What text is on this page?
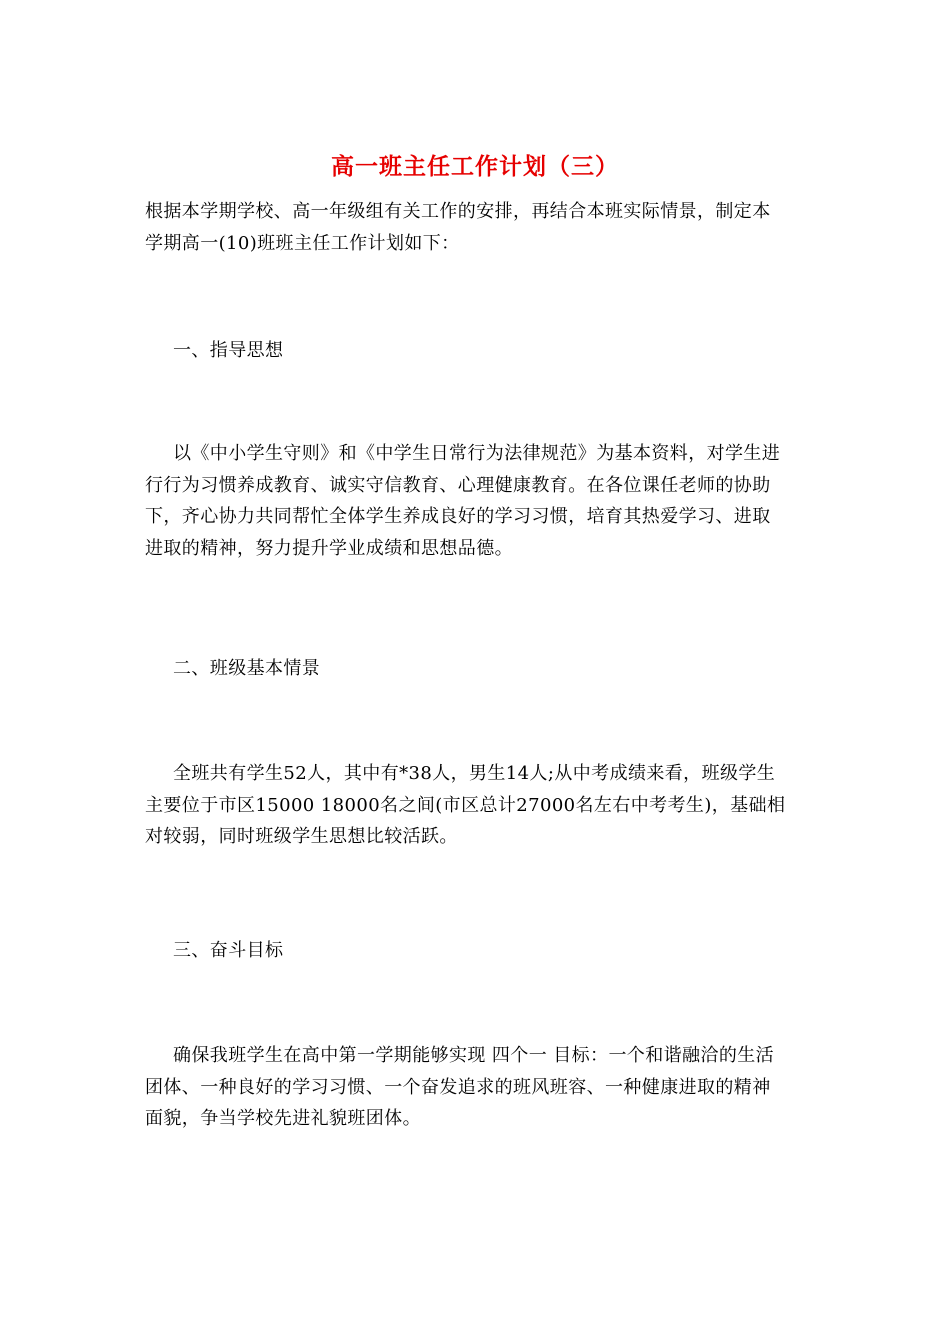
高一班主任工作计划（三）
根据本学期学校、高一年级组有关工作的安排，再结合本班实际情景，制定本
学期高一(10)班班主任工作计划如下：
一、指导思想
以《中小学生守则》和《中学生日常行为法律规范》为基本资料，对学生进
行行为习惯养成教育、诚实守信教育、心理健康教育。在各位课任老师的协助
下，齐心协力共同帮忙全体学生养成良好的学习习惯，培育其热爱学习、进取
进取的精神，努力提升学业成绩和思想品德。
二、班级基本情景
全班共有学生52人，其中有*38人，男生14人;从中考成绩来看，班级学生
主要位于市区15000 18000名之间(市区总计27000名左右中考考生)，基础相
对较弱，同时班级学生思想比较活跃。
三、奋斗目标
确保我班学生在高中第一学期能够实现 四个一 目标：一个和谐融洽的生活
团体、一种良好的学习习惯、一个奋发追求的班风班容、一种健康进取的精神
面貌，争当学校先进礼貌班团体。
